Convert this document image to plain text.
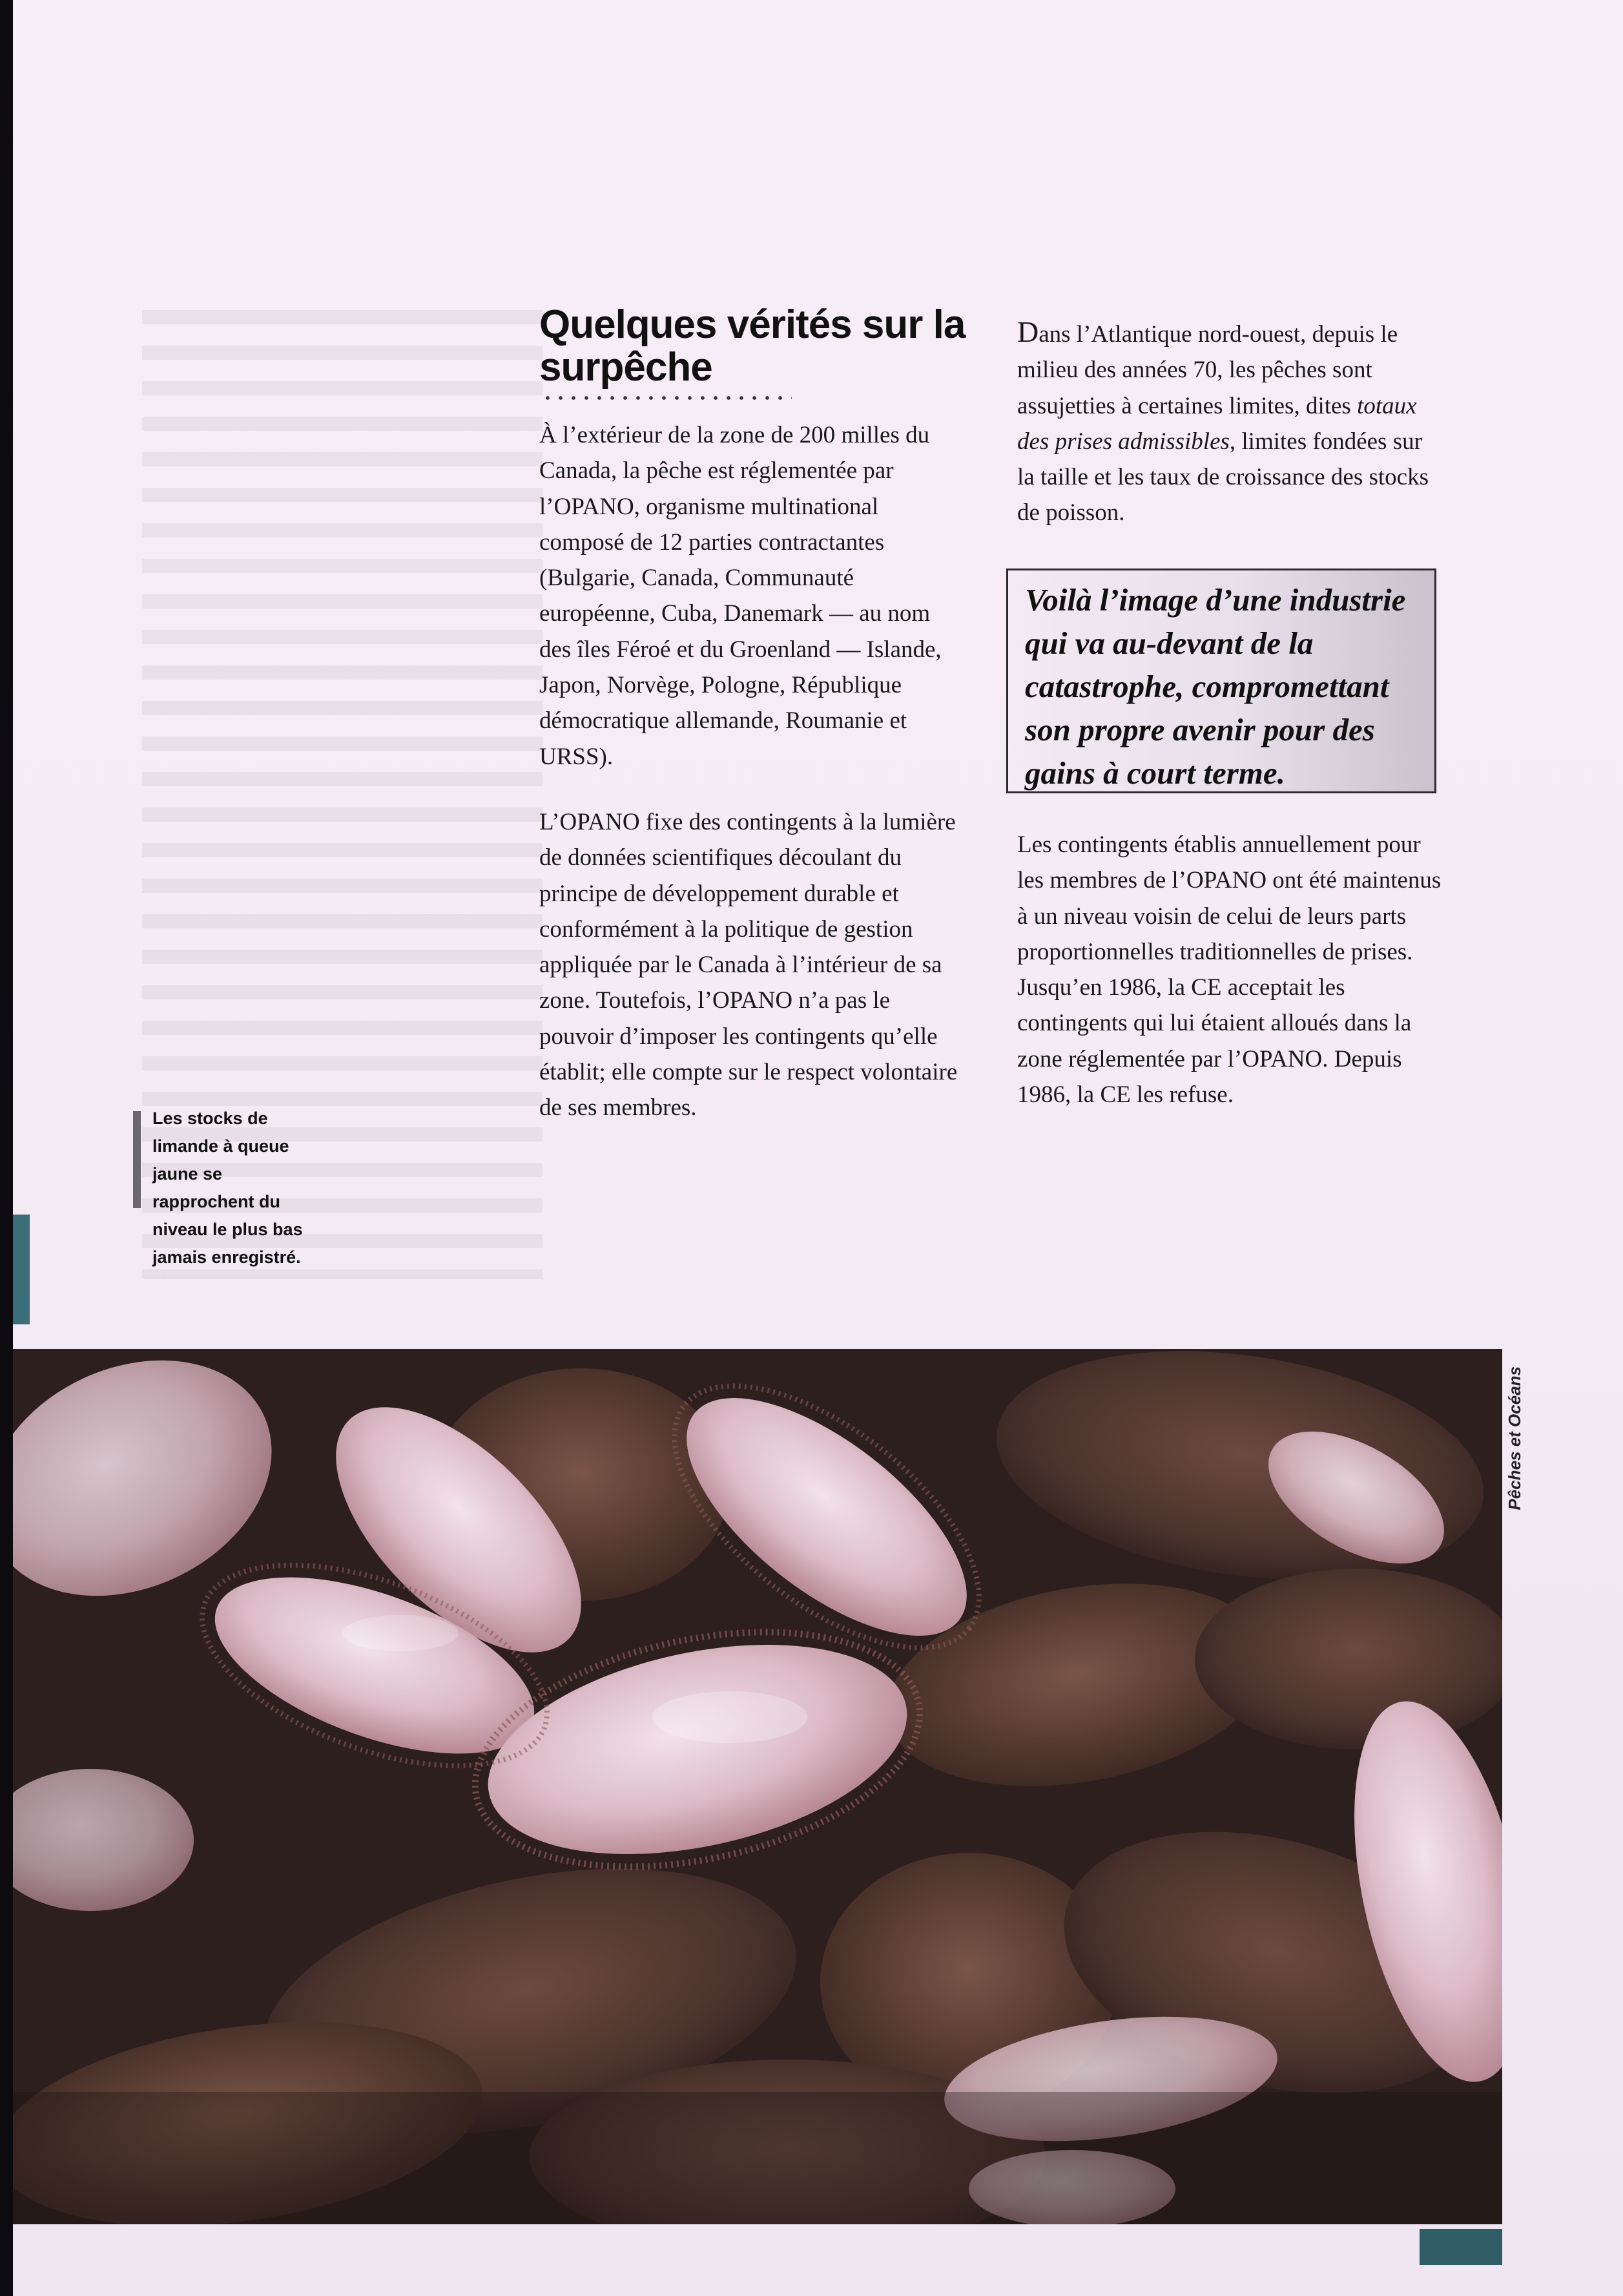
Quelques vérités sur la surpêche

À l’extérieur de la zone de 200 milles du Canada, la pêche est réglementée par l’OPANO, organisme multinational composé de 12 parties contractantes (Bulgarie, Canada, Communauté européenne, Cuba, Danemark — au nom des îles Féroé et du Groenland — Islande, Japon, Norvège, Pologne, République démocratique allemande, Roumanie et URSS).

L’OPANO fixe des contingents à la lumière de données scientifiques découlant du principe de développement durable et conformément à la politique de gestion appliquée par le Canada à l’intérieur de sa zone. Toutefois, l’OPANO n’a pas le pouvoir d’imposer les contingents qu’elle établit; elle compte sur le respect volontaire de ses membres.

Dans l’Atlantique nord-ouest, depuis le milieu des années 70, les pêches sont assujetties à certaines limites, dites totaux des prises admissibles, limites fondées sur la taille et les taux de croissance des stocks de poisson.

Voilà l’image d’une industrie qui va au-devant de la catastrophe, compromettant son propre avenir pour des gains à court terme.

Les contingents établis annuellement pour les membres de l’OPANO ont été maintenus à un niveau voisin de celui de leurs parts proportionnelles traditionnelles de prises. Jusqu’en 1986, la CE acceptait les contingents qui lui étaient alloués dans la zone réglementée par l’OPANO. Depuis 1986, la CE les refuse.

Les stocks de limande à queue jaune se rapprochent du niveau le plus bas jamais enregistré.
Pêches et Océans
